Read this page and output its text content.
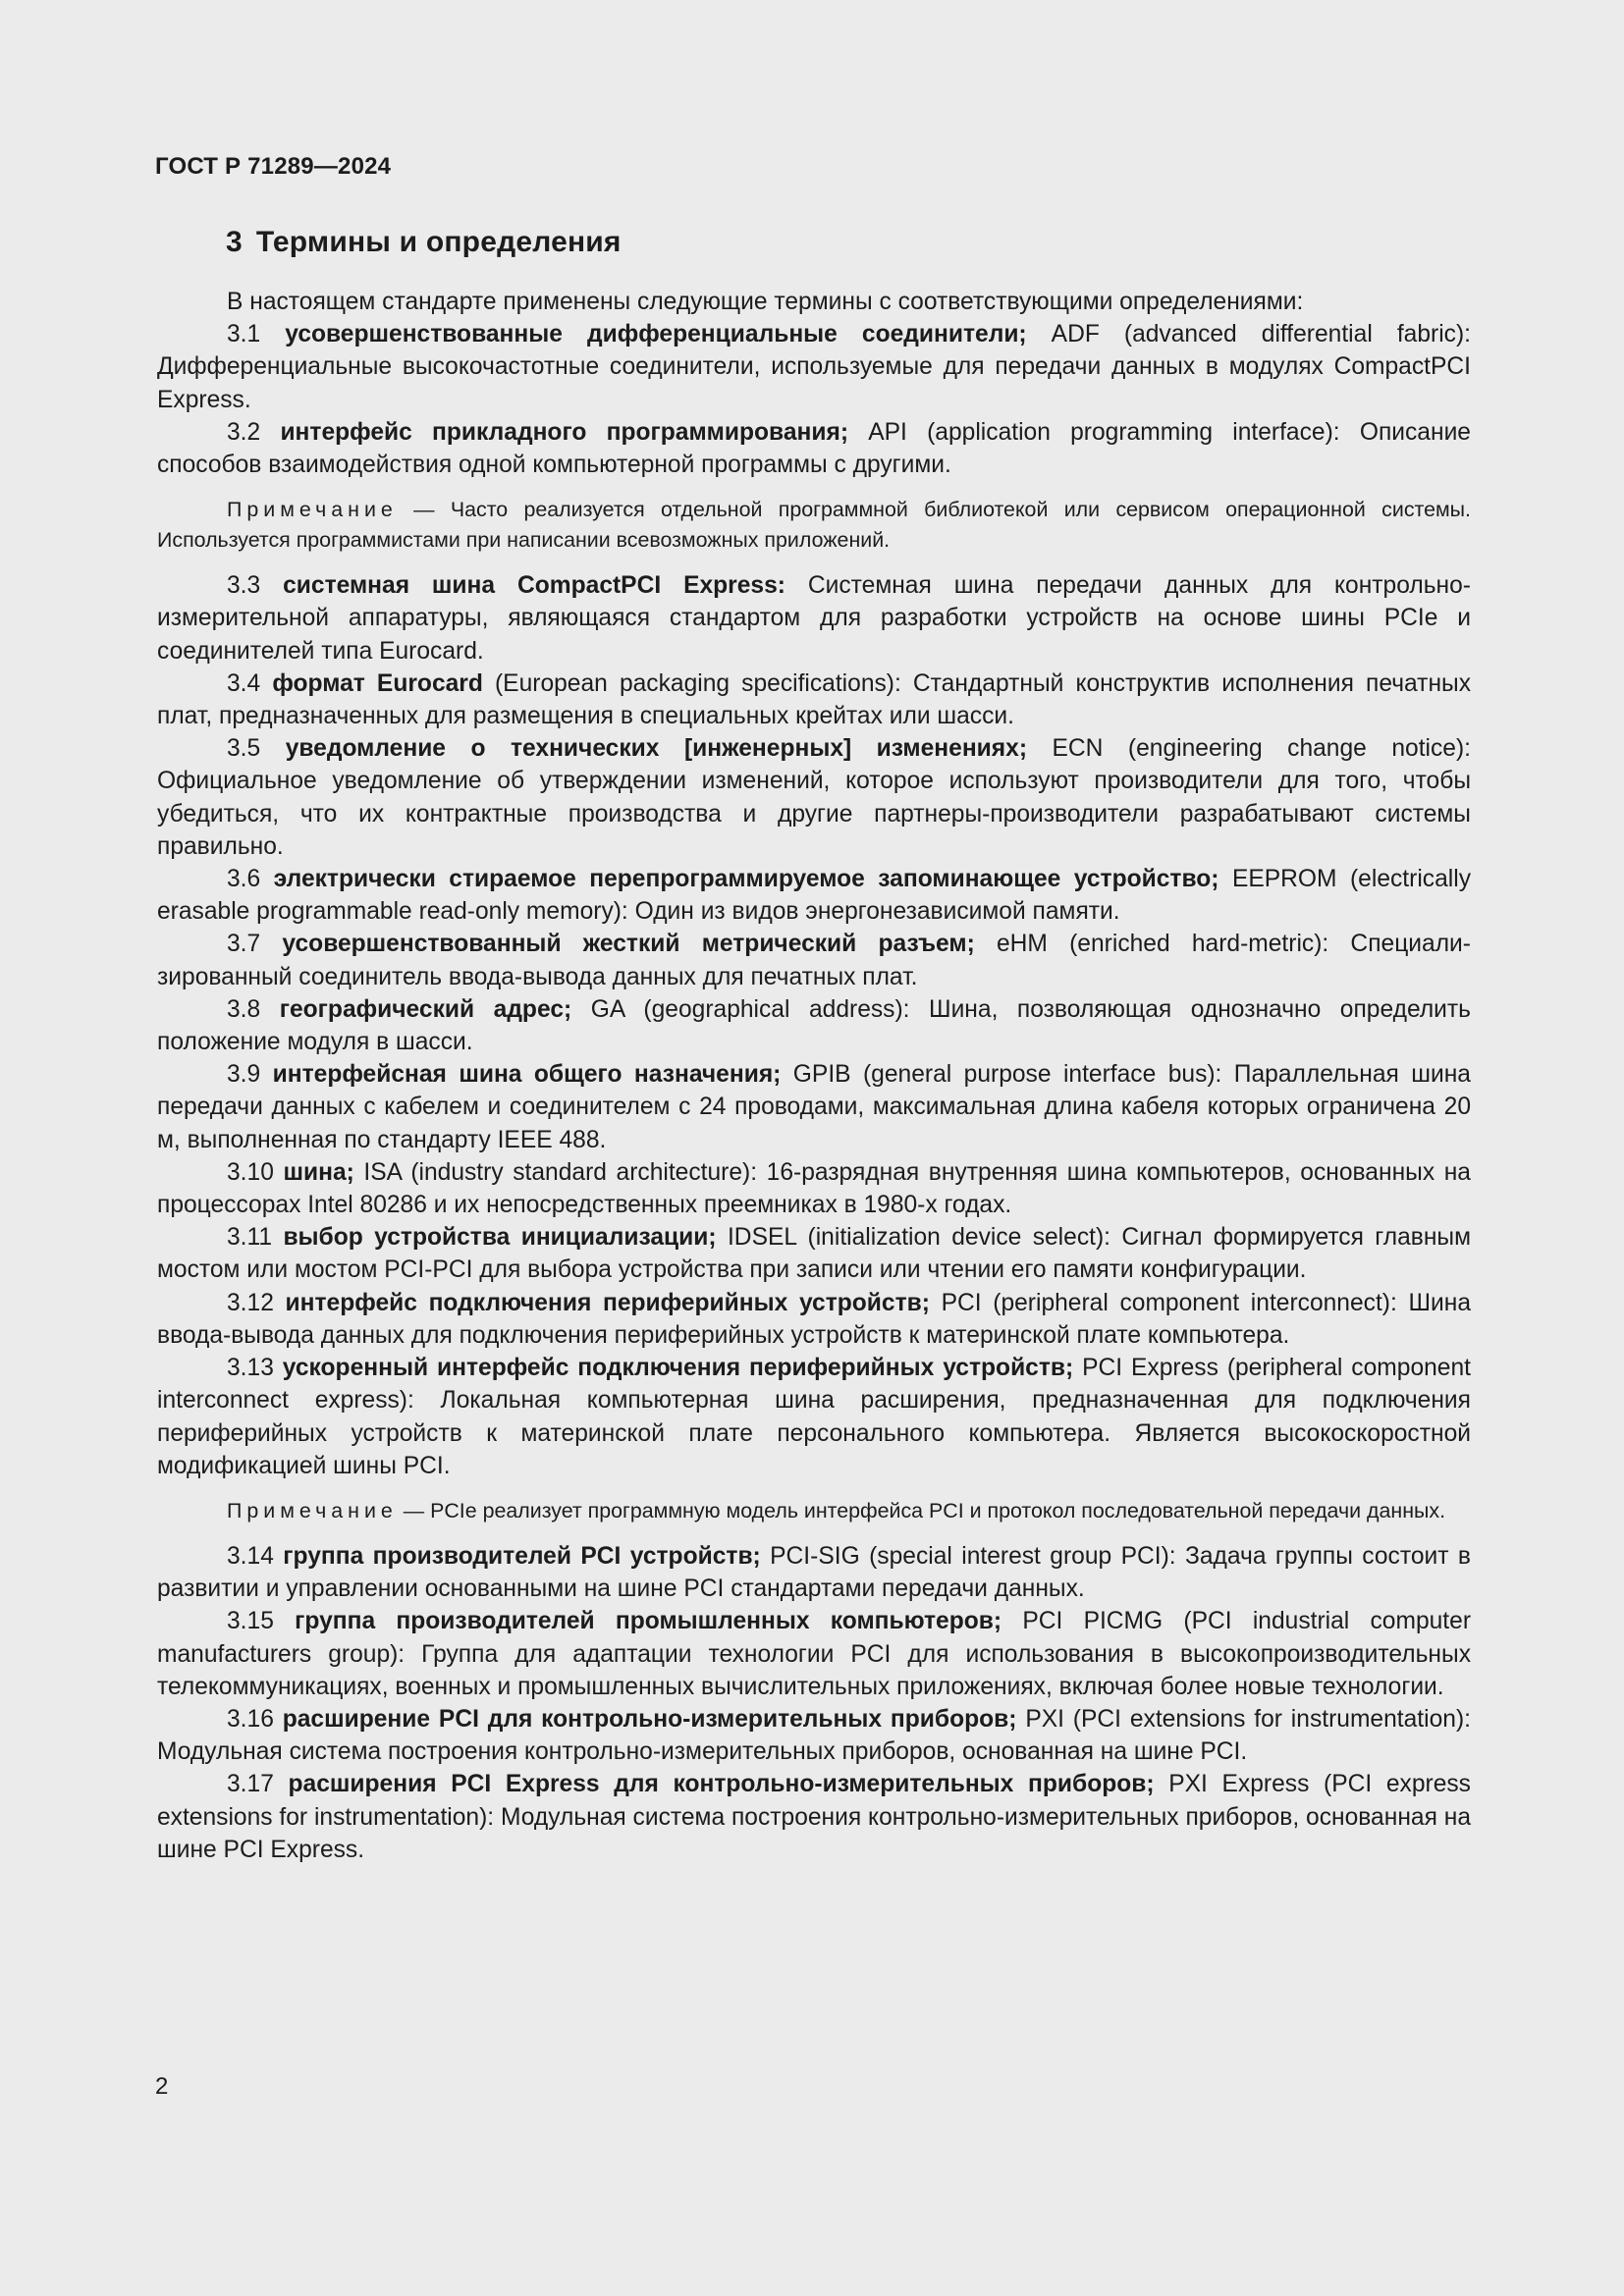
ГОСТ Р 71289—2024
3 Термины и определения

В настоящем стандарте применены следующие термины с соответствующими определениями:

3.1 усовершенствованные дифференциальные соединители; ADF (advanced differential fabric): Дифференциальные высокочастотные соединители, используемые для передачи данных в модулях CompactPCI Express.

3.2 интерфейс прикладного программирования; API (application programming interface): Описание способов взаимодействия одной компьютерной программы с другими.

Примечание — Часто реализуется отдельной программной библиотекой или сервисом операционной системы. Используется программистами при написании всевозможных приложений.

3.3 системная шина CompactPCI Express: Системная шина передачи данных для контрольно-измерительной аппаратуры, являющаяся стандартом для разработки устройств на основе шины PCIe и соединителей типа Eurocard.

3.4 формат Eurocard (European packaging specifications): Стандартный конструктив исполнения печатных плат, предназначенных для размещения в специальных крейтах или шасси.

3.5 уведомление о технических [инженерных] изменениях; ECN (engineering change notice): Официальное уведомление об утверждении изменений, которое используют производители для того, чтобы убедиться, что их контрактные производства и другие партнеры-производители разрабатывают системы правильно.

3.6 электрически стираемое перепрограммируемое запоминающее устройство; EEPROM (electrically erasable programmable read-only memory): Один из видов энергонезависимой памяти.

3.7 усовершенствованный жесткий метрический разъем; eHM (enriched hard-metric): Специализированный соединитель ввода-вывода данных для печатных плат.

3.8 географический адрес; GA (geographical address): Шина, позволяющая однозначно определить положение модуля в шасси.

3.9 интерфейсная шина общего назначения; GPIB (general purpose interface bus): Параллельная шина передачи данных с кабелем и соединителем с 24 проводами, максимальная длина кабеля которых ограничена 20 м, выполненная по стандарту IEEE 488.

3.10 шина; ISA (industry standard architecture): 16-разрядная внутренняя шина компьютеров, основанных на процессорах Intel 80286 и их непосредственных преемниках в 1980-х годах.

3.11 выбор устройства инициализации; IDSEL (initialization device select): Сигнал формируется главным мостом или мостом PCI-PCI для выбора устройства при записи или чтении его памяти конфигурации.

3.12 интерфейс подключения периферийных устройств; PCI (peripheral component interconnect): Шина ввода-вывода данных для подключения периферийных устройств к материнской плате компьютера.

3.13 ускоренный интерфейс подключения периферийных устройств; PCI Express (peripheral component interconnect express): Локальная компьютерная шина расширения, предназначенная для подключения периферийных устройств к материнской плате персонального компьютера. Является высокоскоростной модификацией шины PCI.

Примечание — PCIe реализует программную модель интерфейса PCI и протокол последовательной передачи данных.

3.14 группа производителей PCI устройств; PCI-SIG (special interest group PCI): Задача группы состоит в развитии и управлении основанными на шине PCI стандартами передачи данных.

3.15 группа производителей промышленных компьютеров; PCI PICMG (PCI industrial computer manufacturers group): Группа для адаптации технологии PCI для использования в высокопроизводительных телекоммуникациях, военных и промышленных вычислительных приложениях, включая более новые технологии.

3.16 расширение PCI для контрольно-измерительных приборов; PXI (PCI extensions for instrumentation): Модульная система построения контрольно-измерительных приборов, основанная на шине PCI.

3.17 расширения PCI Express для контрольно-измерительных приборов; PXI Express (PCI express extensions for instrumentation): Модульная система построения контрольно-измерительных приборов, основанная на шине PCI Express.

2
